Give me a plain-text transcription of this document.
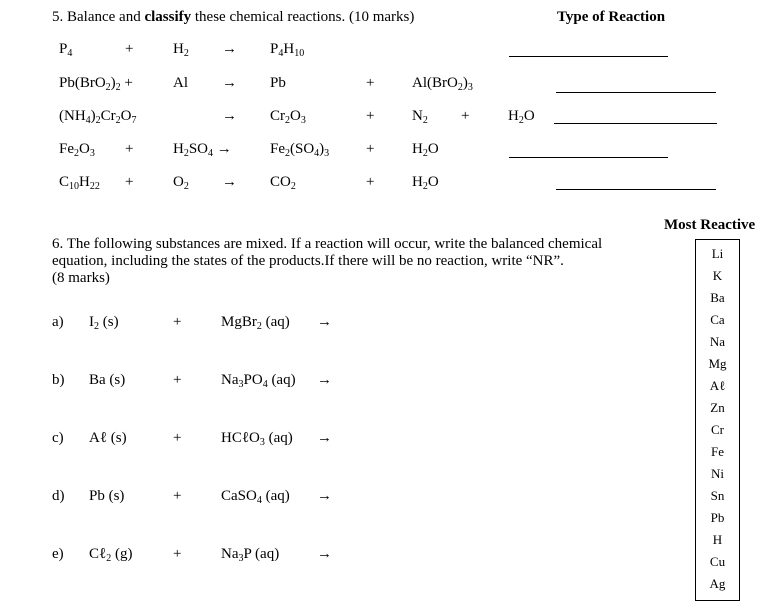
5. Balance and classify these chemical reactions. (10 marks)	Type of Reaction
$P_4$	+	$H_2 \to P_4H_{10}$
$Pb(BrO_2)_2$ +	Al → Pb	+	$Al(BrO_2)_3$
$(NH_4)_2Cr_2O_7$	→ $Cr_2O_3$	+	$N_2$ +	$H_2O$
$Fe_2O_3$ +	$H_2SO_4$ →	$Fe_2(SO_4)_3$ +	$H_2O$
$C_{10}H_{22}$ +	$O_2 \to CO_2$	+	$H_2O$
6. The following substances are mixed. If a reaction will occur, write the balanced chemical
equation, including the states of the products.If there will be no reaction, write “NR”.
(8 marks)
a) $I_2$ (s)	+	MgBr$_2$ (aq) →
b) Ba (s)	+	$Na_3PO_4$ (aq) →
c) Aℓ (s)	+	HCℓO$_3$ (aq) →
d) Pb (s)	+	CaSO$_4$ (aq) →
e) Cℓ$_2$ (g)	+	$Na_3P$ (aq)	→
Most Reactive
Li
K
Ba
Ca
Na
Mg
Aℓ
Zn
Cr
Fe
Ni
Sn
Pb
H
Cu
Ag
